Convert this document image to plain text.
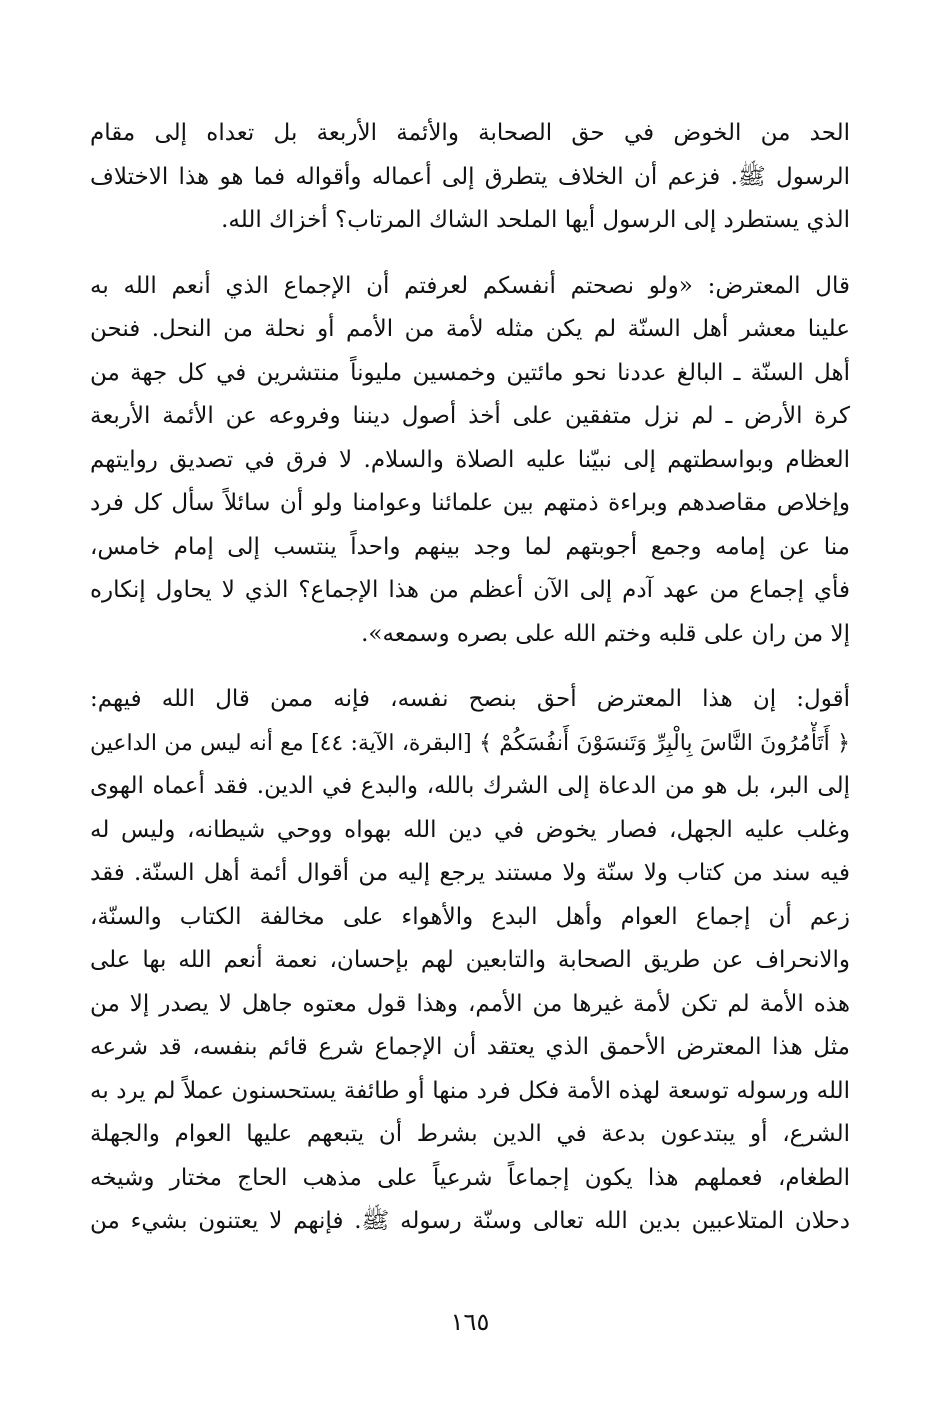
الحد من الخوض في حق الصحابة والأئمة الأربعة بل تعداه إلى مقام
الرسول ﷺ. فزعم أن الخلاف يتطرق إلى أعماله وأقواله فما هو هذا الاختلاف
الذي يستطرد إلى الرسول أيها الملحد الشاك المرتاب؟ أخزاك الله.
قال المعترض: «ولو نصحتم أنفسكم لعرفتم أن الإجماع الذي أنعم الله به
علينا معشر أهل السنّة لم يكن مثله لأمة من الأمم أو نحلة من النحل. فنحن
أهل السنّة ـ البالغ عددنا نحو مائتين وخمسين مليوناً منتشرين في كل جهة من
كرة الأرض ـ لم نزل متفقين على أخذ أصول ديننا وفروعه عن الأئمة الأربعة
العظام وبواسطتهم إلى نبيّنا عليه الصلاة والسلام. لا فرق في تصديق روايتهم
وإخلاص مقاصدهم وبراءة ذمتهم بين علمائنا وعوامنا ولو أن سائلاً سأل كل فرد
منا عن إمامه وجمع أجوبتهم لما وجد بينهم واحداً ينتسب إلى إمام خامس،
فأي إجماع من عهد آدم إلى الآن أعظم من هذا الإجماع؟ الذي لا يحاول إنكاره
إلا من ران على قلبه وختم الله على بصره وسمعه».
أقول: إن هذا المعترض أحق بنصح نفسه، فإنه ممن قال الله فيهم:
﴿ أَتَأْمُرُونَ النَّاسَ بِالْبِرِّ وَتَنسَوْنَ أَنفُسَكُمْ ﴾ [البقرة، الآية: ٤٤] مع أنه ليس من الداعين
إلى البر، بل هو من الدعاة إلى الشرك بالله، والبدع في الدين. فقد أعماه الهوى
وغلب عليه الجهل، فصار يخوض في دين الله بهواه ووحي شيطانه، وليس له
فيه سند من كتاب ولا سنّة ولا مستند يرجع إليه من أقوال أئمة أهل السنّة. فقد
زعم أن إجماع العوام وأهل البدع والأهواء على مخالفة الكتاب والسنّة،
والانحراف عن طريق الصحابة والتابعين لهم بإحسان، نعمة أنعم الله بها على
هذه الأمة لم تكن لأمة غيرها من الأمم، وهذا قول معتوه جاهل لا يصدر إلا من
مثل هذا المعترض الأحمق الذي يعتقد أن الإجماع شرع قائم بنفسه، قد شرعه
الله ورسوله توسعة لهذه الأمة فكل فرد منها أو طائفة يستحسنون عملاً لم يرد به
الشرع، أو يبتدعون بدعة في الدين بشرط أن يتبعهم عليها العوام والجهلة
الطغام، فعملهم هذا يكون إجماعاً شرعياً على مذهب الحاج مختار وشيخه
دحلان المتلاعبين بدين الله تعالى وسنّة رسوله ﷺ. فإنهم لا يعتنون بشيء من
١٦٥
